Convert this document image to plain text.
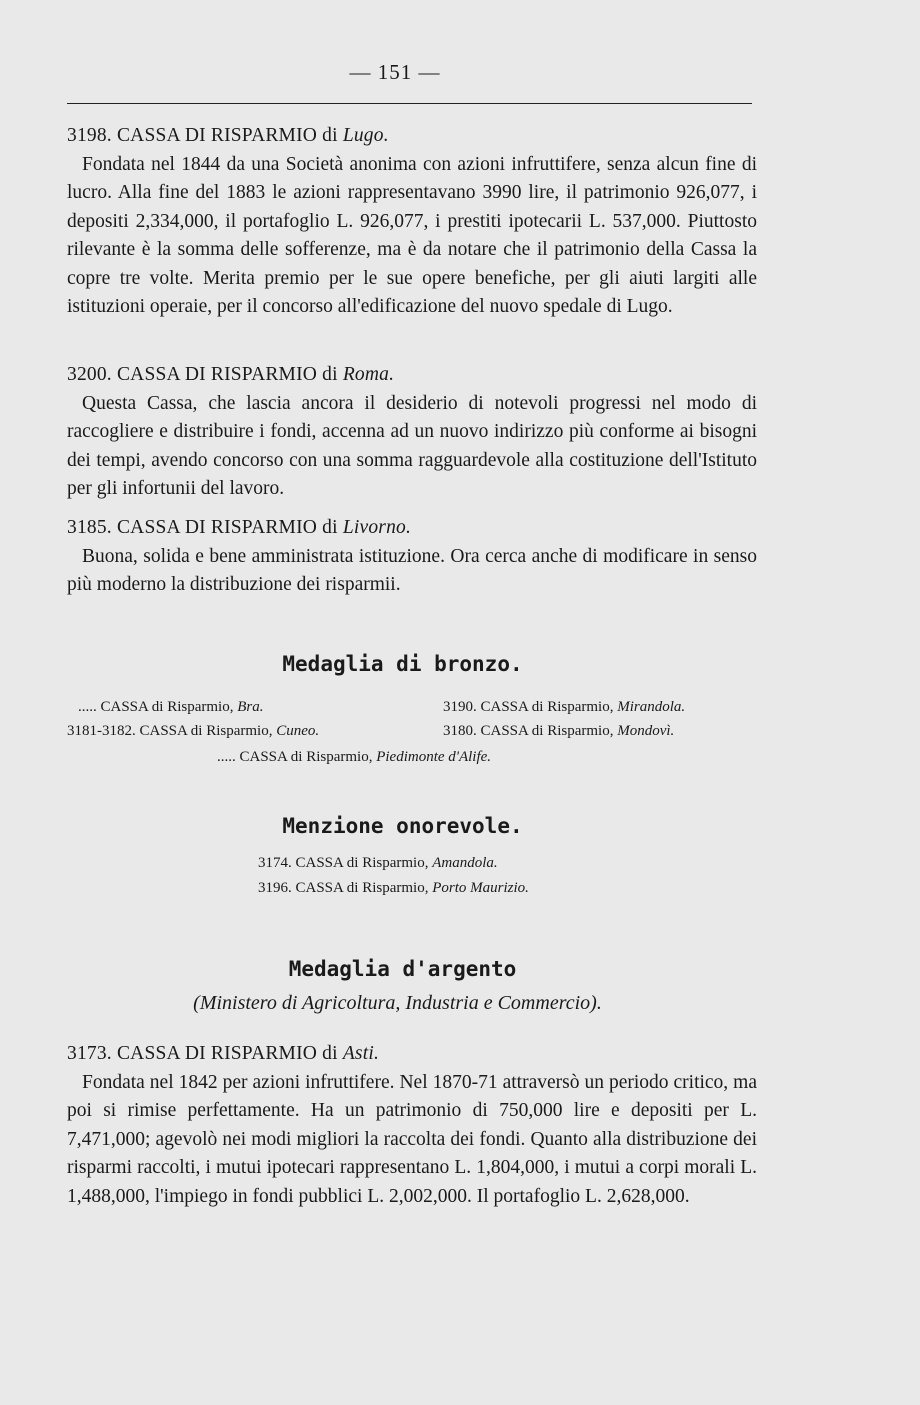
— 151 —
3198. CASSA DI RISPARMIO di Lugo.

Fondata nel 1844 da una Società anonima con azioni infruttifere, senza alcun fine di lucro. Alla fine del 1883 le azioni rappresentavano 3990 lire, il patrimonio 926,077, i depositi 2,334,000, il portafoglio L. 926,077, i prestiti ipotecarii L. 537,000. Piuttosto rilevante è la somma delle sofferenze, ma è da notare che il patrimonio della Cassa la copre tre volte. Merita premio per le sue opere benefiche, per gli aiuti largiti alle istituzioni operaie, per il concorso all'edificazione del nuovo spedale di Lugo.

3200. CASSA DI RISPARMIO di Roma.

Questa Cassa, che lascia ancora il desiderio di notevoli progressi nel modo di raccogliere e distribuire i fondi, accenna ad un nuovo indirizzo più conforme ai bisogni dei tempi, avendo concorso con una somma ragguardevole alla costituzione dell'Istituto per gli infortunii del lavoro.

3185. CASSA DI RISPARMIO di Livorno.

Buona, solida e bene amministrata istituzione. Ora cerca anche di modificare in senso più moderno la distribuzione dei risparmii.

Medaglia di bronzo.
..... CASSA di Risparmio, Bra.	3190. CASSA di Risparmio, Mirandola.
3181-3182. CASSA di Risparmio, Cuneo.	3180. CASSA di Risparmio, Mondovì.
..... CASSA di Risparmio, Piedimonte d'Alife.
Menzione onorevole.
3174. CASSA di Risparmio, Amandola.
3196. CASSA di Risparmio, Porto Maurizio.
Medaglia d'argento
(Ministero di Agricoltura, Industria e Commercio).
3173. CASSA DI RISPARMIO di Asti.

Fondata nel 1842 per azioni infruttifere. Nel 1870-71 attraversò un periodo critico, ma poi si rimise perfettamente. Ha un patrimonio di 750,000 lire e depositi per L. 7,471,000; agevolò nei modi migliori la raccolta dei fondi. Quanto alla distribuzione dei risparmi raccolti, i mutui ipotecari rappresentano L. 1,804,000, i mutui a corpi morali L. 1,488,000, l'impiego in fondi pubblici L. 2,002,000. Il portafoglio L. 2,628,000.
